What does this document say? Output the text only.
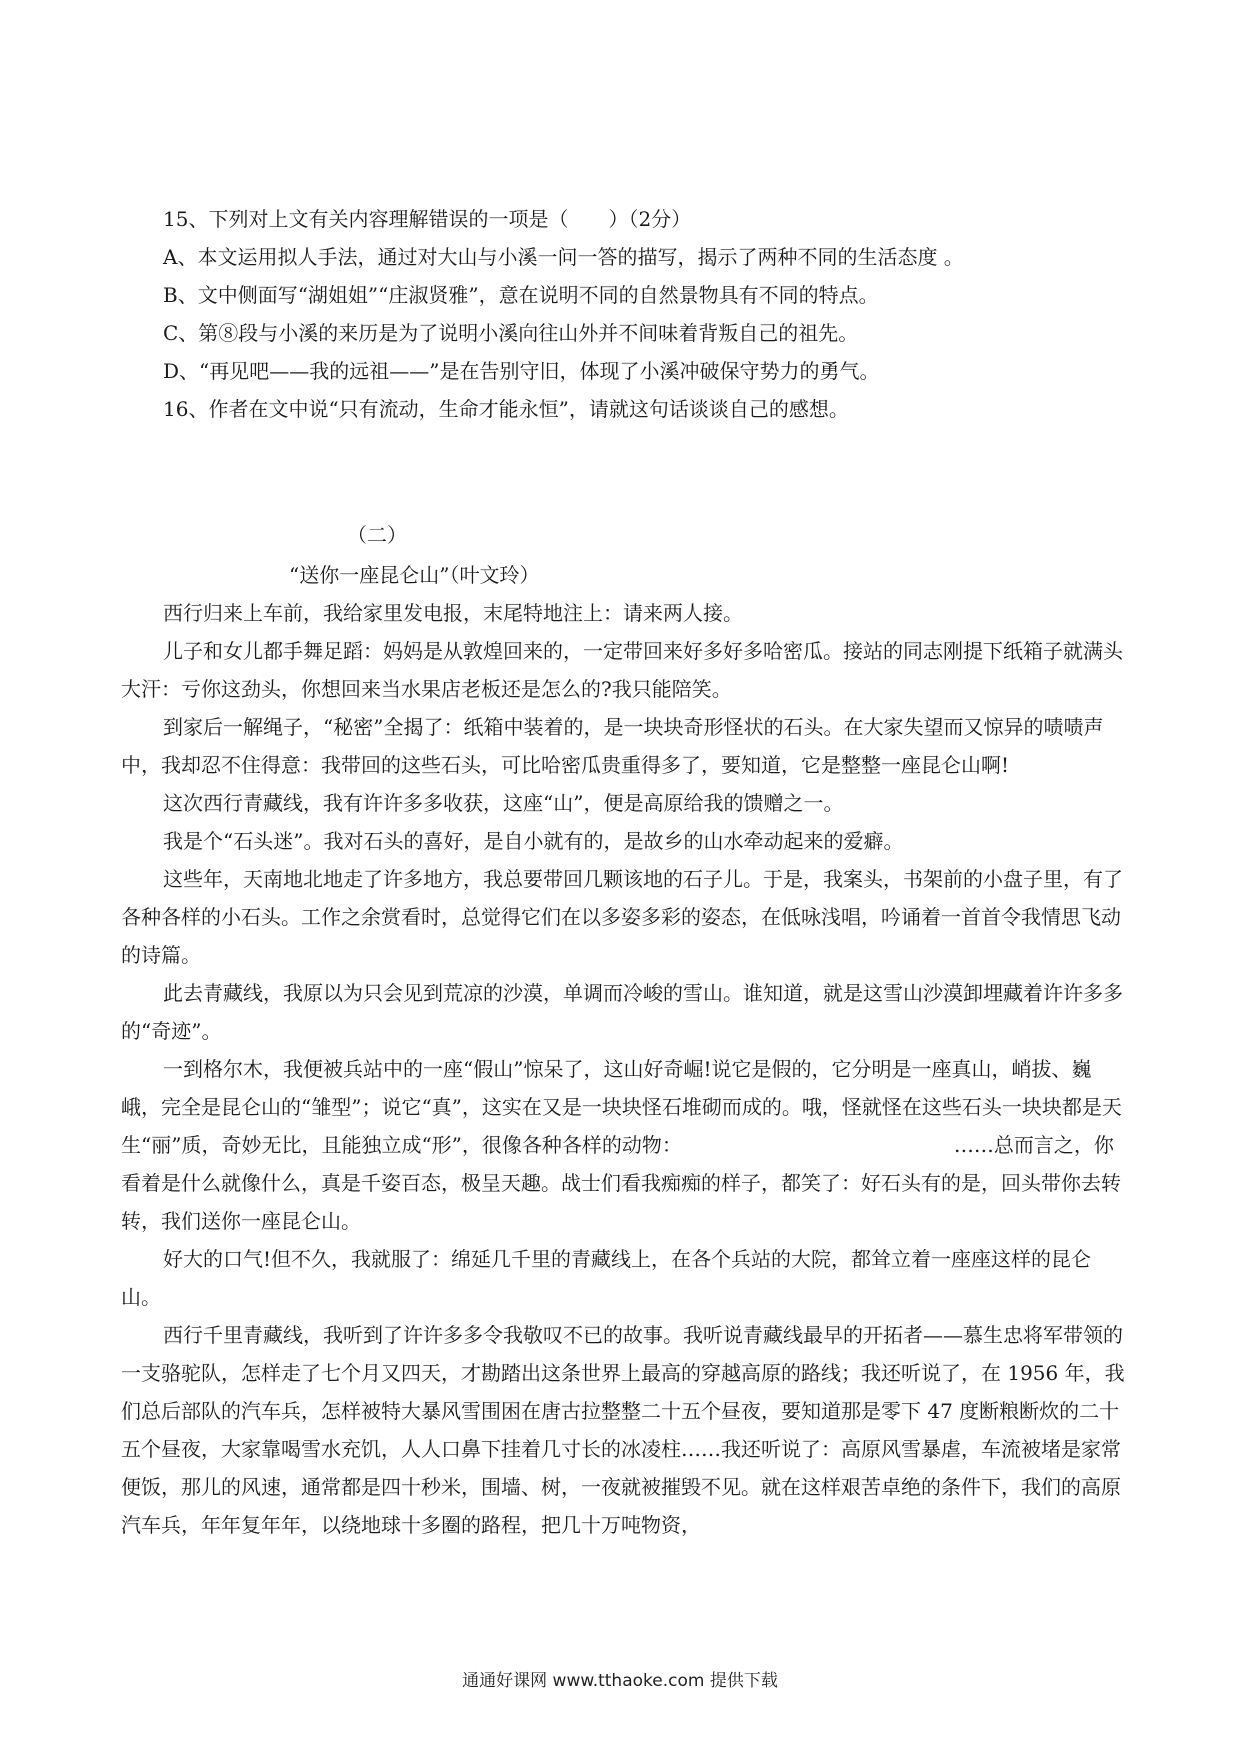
15、下列对上文有关内容理解错误的一项是（　　）（2分）

A、本文运用拟人手法，通过对大山与小溪一问一答的描写，揭示了两种不同的生活态度 。

B、文中侧面写“湖姐姐”“庄淑贤雅”，意在说明不同的自然景物具有不同的特点。

C、第⑧段与小溪的来历是为了说明小溪向往山外并不间味着背叛自己的祖先。

D、“再见吧——我的远祖——”是在告别守旧，体现了小溪冲破保守势力的勇气。

16、作者在文中说“只有流动，生命才能永恒”，请就这句话谈谈自己的感想。

（二）

“送你一座昆仑山”（叶文玲）

西行归来上车前，我给家里发电报，末尾特地注上：请来两人接。

儿子和女儿都手舞足蹈：妈妈是从敦煌回来的，一定带回来好多好多哈密瓜。接站的同志刚提下纸箱子就满头大汗：亏你这劲头，你想回来当水果店老板还是怎么的?我只能陪笑。

到家后一解绳子，“秘密”全揭了：纸箱中装着的，是一块块奇形怪状的石头。在大家失望而又惊异的啧啧声中，我却忍不住得意：我带回的这些石头，可比哈密瓜贵重得多了，要知道，它是整整一座昆仑山啊!

这次西行青藏线，我有许许多多收获，这座“山”，便是高原给我的馈赠之一。

我是个“石头迷”。我对石头的喜好，是自小就有的，是故乡的山水牵动起来的爱癖。

这些年，天南地北地走了许多地方，我总要带回几颗该地的石子儿。于是，我案头，书架前的小盘子里，有了各种各样的小石头。工作之余赏看时，总觉得它们在以多姿多彩的姿态，在低咏浅唱，吟诵着一首首令我情思飞动的诗篇。

此去青藏线，我原以为只会见到荒凉的沙漠，单调而冷峻的雪山。谁知道，就是这雪山沙漠卸埋藏着许许多多的“奇迹”。

一到格尔木，我便被兵站中的一座“假山”惊呆了，这山好奇崛!说它是假的，它分明是一座真山，峭拔、巍峨，完全是昆仑山的“雏型”；说它“真”，这实在又是一块块怪石堆砌而成的。哦，怪就怪在这些石头一块块都是天生“丽”质，奇妙无比，且能独立成“形”，很像各种各样的动物：	……总而言之，你看着是什么就像什么，真是千姿百态，极呈天趣。战士们看我痴痴的样子，都笑了：好石头有的是，回头带你去转转，我们送你一座昆仑山。

好大的口气!但不久，我就服了：绵延几千里的青藏线上，在各个兵站的大院，都耸立着一座座这样的昆仑山。

西行千里青藏线，我听到了许许多多令我敬叹不已的故事。我听说青藏线最早的开拓者——慕生忠将军带领的一支骆驼队，怎样走了七个月又四天，才勘踏出这条世界上最高的穿越高原的路线；我还听说了，在 1956 年，我们总后部队的汽车兵，怎样被特大暴风雪围困在唐古拉整整二十五个昼夜，要知道那是零下 47 度断粮断炊的二十五个昼夜，大家靠喝雪水充饥，人人口鼻下挂着几寸长的冰凌柱……我还听说了：高原风雪暴虐，车流被堵是家常便饭，那儿的风速，通常都是四十秒米，围墙、树，一夜就被摧毁不见。就在这样艰苦卓绝的条件下，我们的高原汽车兵，年年复年年，以绕地球十多圈的路程，把几十万吨物资，

通通好课网 www.tthaoke.com 提供下载
